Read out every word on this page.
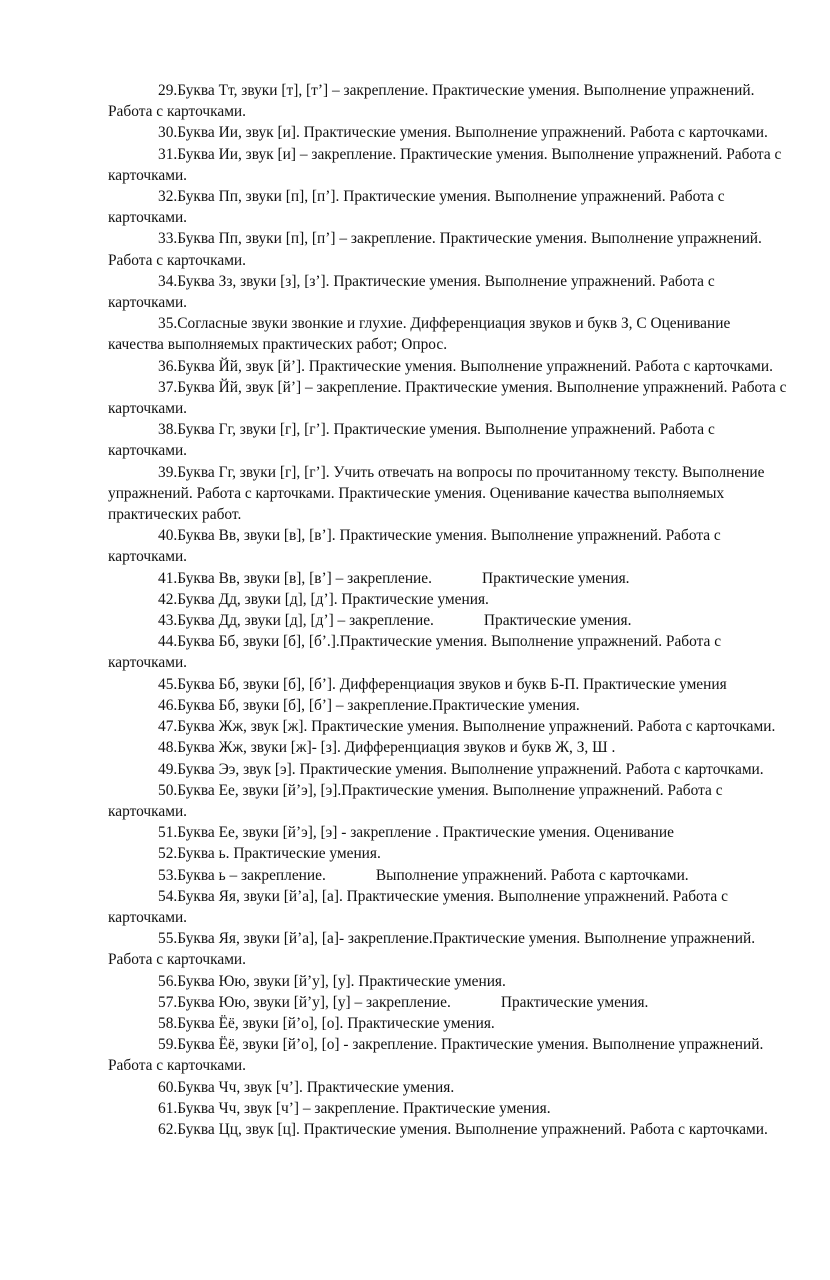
29.Буква Тт, звуки [т], [т’] – закрепление. Практические умения. Выполнение упражнений. Работа с карточками.

30.Буква Ии, звук [и]. Практические умения. Выполнение упражнений. Работа с карточками.

31.Буква Ии, звук [и] – закрепление. Практические умения. Выполнение упражнений. Работа с карточками.

32.Буква Пп, звуки [п], [п’]. Практические умения. Выполнение упражнений. Работа с карточками.

33.Буква Пп, звуки [п], [п’] – закрепление. Практические умения. Выполнение упражнений. Работа с карточками.

34.Буква Зз, звуки [з], [з’]. Практические умения. Выполнение упражнений. Работа с карточками.

35.Согласные звуки звонкие и глухие. Дифференциация звуков и букв З, С Оценивание качества выполняемых практических работ; Опрос.

36.Буква Йй, звук [й’]. Практические умения. Выполнение упражнений. Работа с карточками.

37.Буква Йй, звук [й’] – закрепление. Практические умения. Выполнение упражнений. Работа с карточками.

38.Буква Гг, звуки [г], [г’]. Практические умения. Выполнение упражнений. Работа с карточками.

39.Буква Гг, звуки [г], [г’]. Учить отвечать на вопросы по прочитанному тексту. Выполнение упражнений. Работа с карточками. Практические умения. Оценивание качества выполняемых практических работ.

40.Буква Вв, звуки [в], [в’]. Практические умения. Выполнение упражнений. Работа с карточками.

41.Буква Вв, звуки [в], [в’] – закрепление.	Практические умения.

42.Буква Дд, звуки [д], [д’]. Практические умения.

43.Буква Дд, звуки [д], [д’] – закрепление.	Практические умения.

44.Буква Бб, звуки [б], [б’.].Практические умения. Выполнение упражнений. Работа с карточками.

45.Буква Бб, звуки [б], [б’]. Дифференциация звуков и букв Б-П. Практические умения

46.Буква Бб, звуки [б], [б’] – закрепление.Практические умения.

47.Буква Жж, звук [ж]. Практические умения. Выполнение упражнений. Работа с карточками.

48.Буква Жж, звуки [ж]- [з]. Дифференциация звуков и букв Ж, З, Ш .

49.Буква Ээ, звук [э]. Практические умения. Выполнение упражнений. Работа с карточками.

50.Буква Ее, звуки [й’э], [э].Практические умения. Выполнение упражнений. Работа с карточками.

51.Буква Ее, звуки [й’э], [э] - закрепление . Практические умения. Оценивание

52.Буква ь. Практические умения.

53.Буква ь – закрепление.	Выполнение упражнений. Работа с карточками.

54.Буква Яя, звуки [й’а], [а]. Практические умения. Выполнение упражнений. Работа с карточками.

55.Буква Яя, звуки [й’а], [а]- закрепление.Практические умения. Выполнение упражнений. Работа с карточками.

56.Буква Юю, звуки [й’у], [у]. Практические умения.

57.Буква Юю, звуки [й’у], [у] – закрепление.	Практические умения.

58.Буква Ёё, звуки [й’о], [о]. Практические умения.

59.Буква Ёё, звуки [й’о], [о] - закрепление. Практические умения. Выполнение упражнений. Работа с карточками.

60.Буква Чч, звук [ч’]. Практические умения.

61.Буква Чч, звук [ч’] – закрепление. Практические умения.

62.Буква Цц, звук [ц]. Практические умения. Выполнение упражнений. Работа с карточками.
